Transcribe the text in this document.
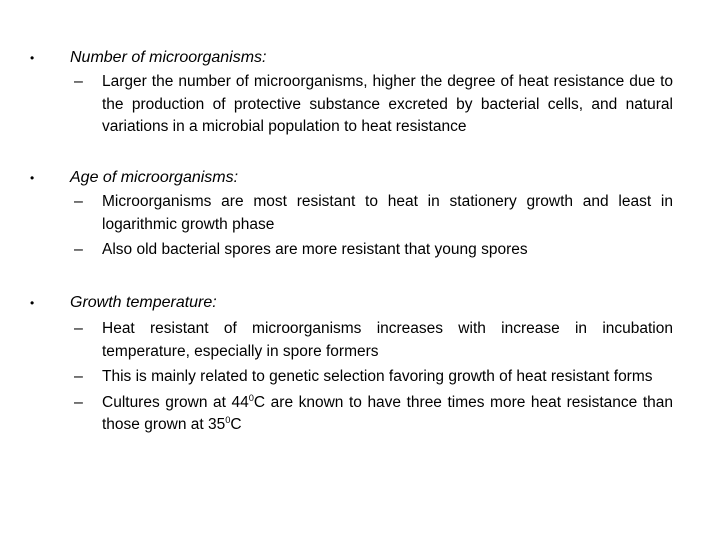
• Number of microorganisms:
– Larger the number of microorganisms, higher the degree of heat resistance due to the production of protective substance excreted by bacterial cells, and natural variations in a microbial population to heat resistance
• Age of microorganisms:
– Microorganisms are most resistant to heat in stationery growth and least in logarithmic growth phase
– Also old bacterial spores are more resistant that young spores
• Growth temperature:
– Heat resistant of microorganisms increases with increase in incubation temperature, especially in spore formers
– This is mainly related to genetic selection favoring growth of heat resistant forms
– Cultures grown at $44^0C$ are known to have three times more heat resistance than those grown at $35^0C$
